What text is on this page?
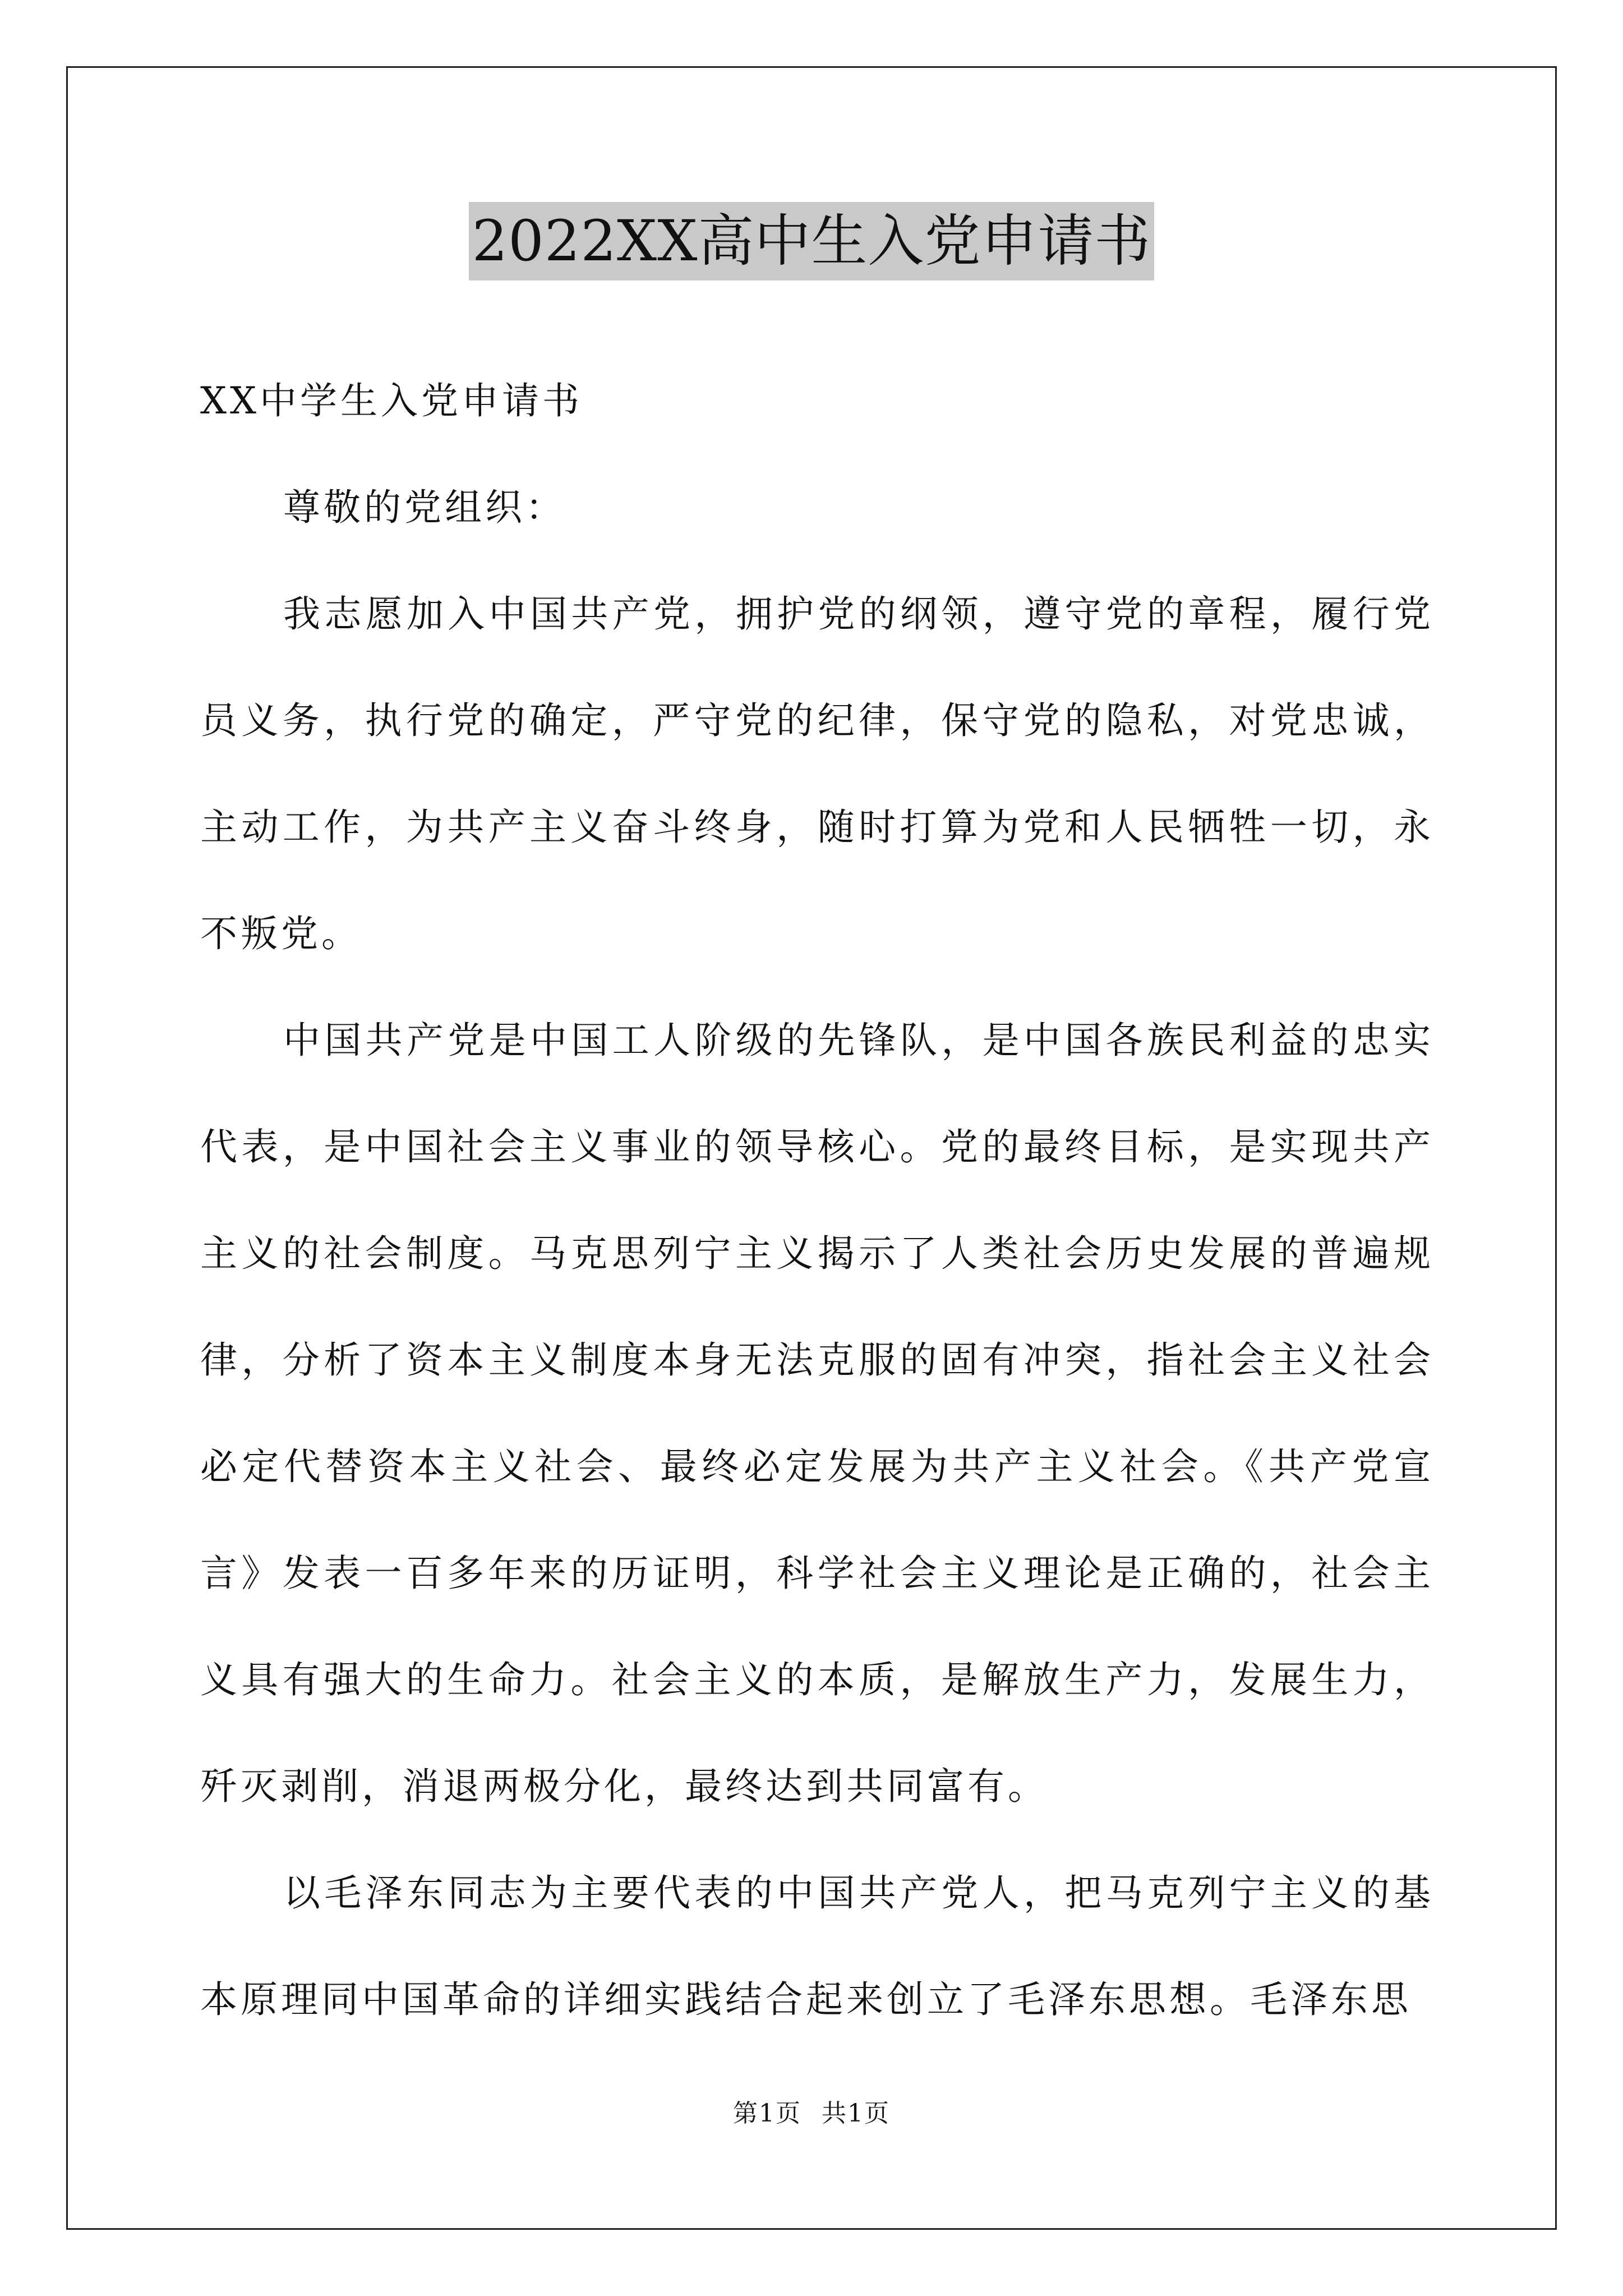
2022XX高中生入党申请书

XX中学生入党申请书

尊敬的党组织：

我志愿加入中国共产党，拥护党的纲领，遵守党的章程，履行党员义务，执行党的确定，严守党的纪律，保守党的隐私，对党忠诚，主动工作，为共产主义奋斗终身，随时打算为党和人民牺牲一切，永不叛党。

中国共产党是中国工人阶级的先锋队，是中国各族民利益的忠实代表，是中国社会主义事业的领导核心。党的最终目标，是实现共产主义的社会制度。马克思列宁主义揭示了人类社会历史发展的普遍规律，分析了资本主义制度本身无法克服的固有冲突，指社会主义社会必定代替资本主义社会、最终必定发展为共产主义社会。《共产党宣言》发表一百多年来的历证明，科学社会主义理论是正确的，社会主义具有强大的生命力。社会主义的本质，是解放生产力，发展生力，歼灭剥削，消退两极分化，最终达到共同富有。

以毛泽东同志为主要代表的中国共产党人，把马克列宁主义的基本原理同中国革命的详细实践结合起来创立了毛泽东思想。毛泽东思

第1页 共1页
